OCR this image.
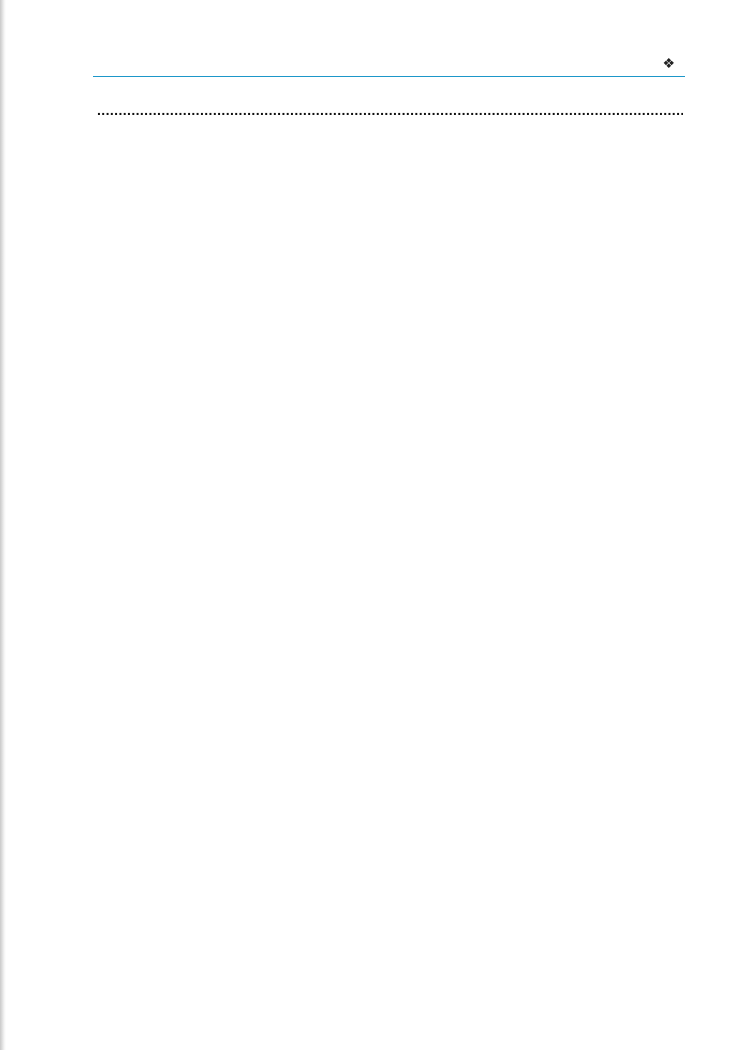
❖
.....
